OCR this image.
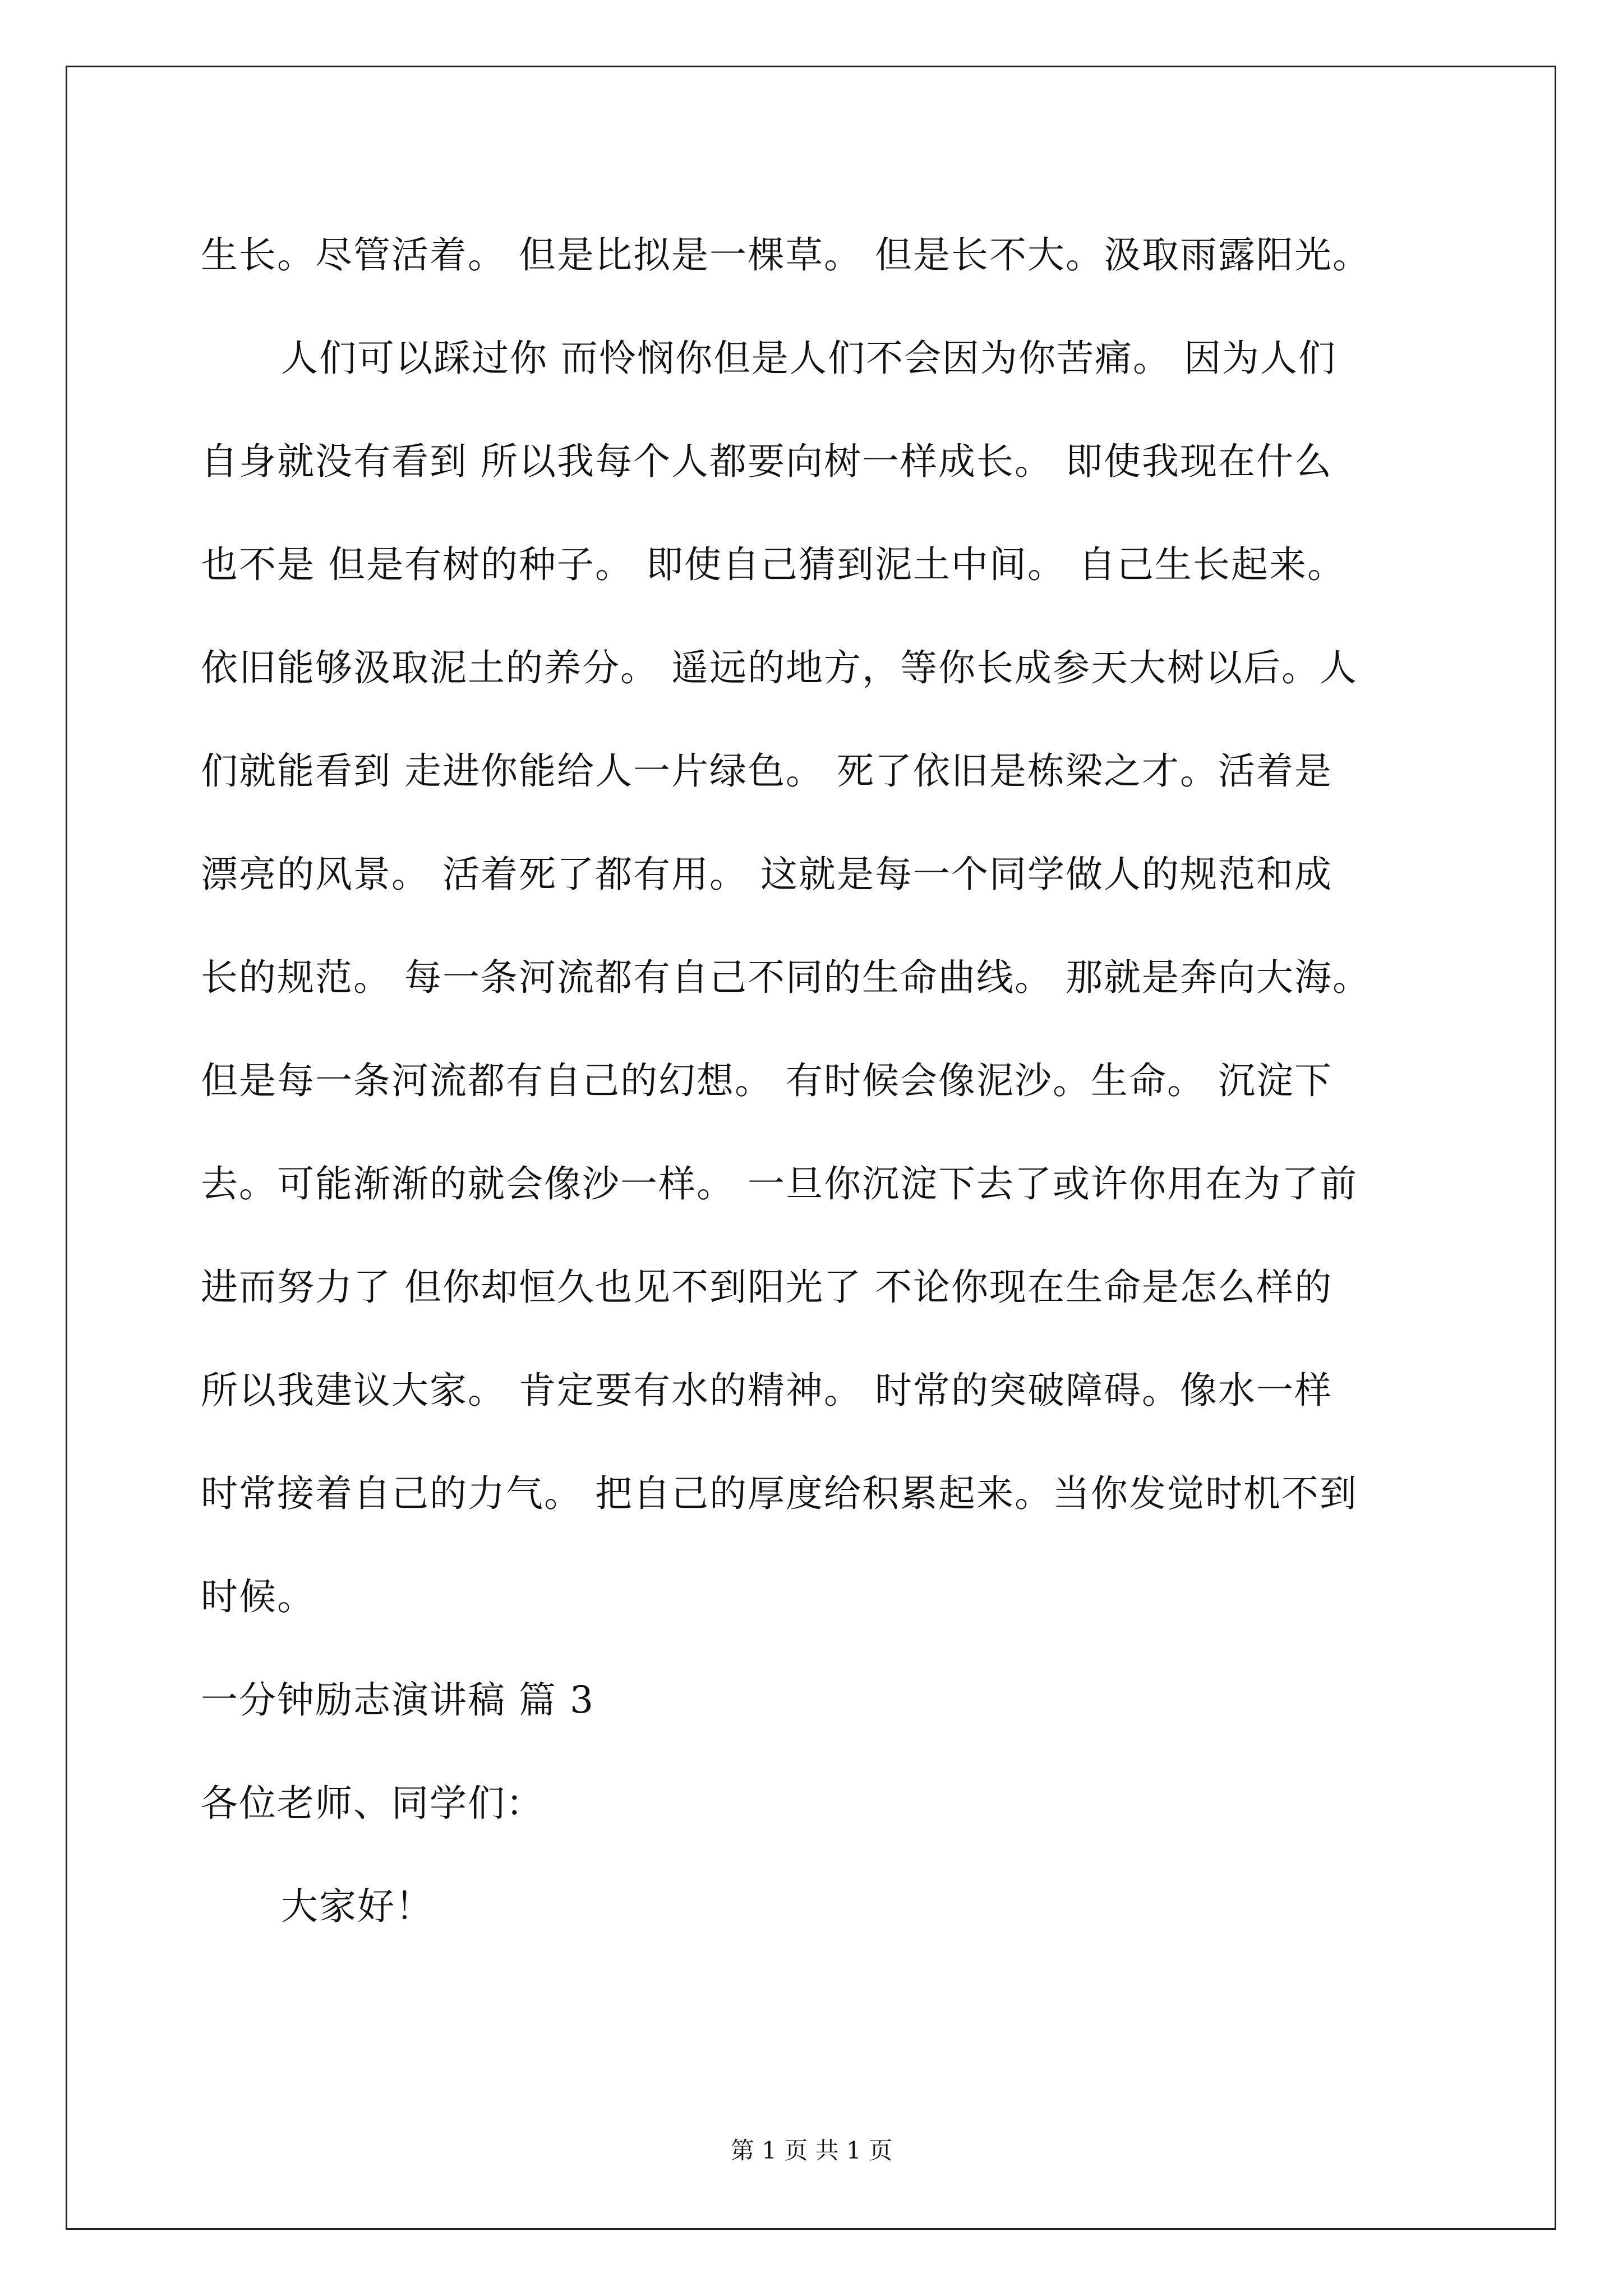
生长。尽管活着。 但是比拟是一棵草。 但是长不大。汲取雨露阳光。
人们可以踩过你 而怜悯你但是人们不会因为你苦痛。 因为人们
自身就没有看到 所以我每个人都要向树一样成长。 即使我现在什么
也不是 但是有树的种子。 即使自己猜到泥土中间。 自己生长起来。
依旧能够汲取泥土的养分。 遥远的地方，等你长成参天大树以后。人
们就能看到 走进你能给人一片绿色。 死了依旧是栋梁之才。活着是
漂亮的风景。 活着死了都有用。 这就是每一个同学做人的规范和成
长的规范。 每一条河流都有自己不同的生命曲线。 那就是奔向大海。
但是每一条河流都有自己的幻想。 有时候会像泥沙。生命。 沉淀下
去。可能渐渐的就会像沙一样。 一旦你沉淀下去了或许你用在为了前
进而努力了 但你却恒久也见不到阳光了 不论你现在生命是怎么样的
所以我建议大家。 肯定要有水的精神。 时常的突破障碍。像水一样
时常接着自己的力气。 把自己的厚度给积累起来。当你发觉时机不到
时候。
一分钟励志演讲稿 篇 3
各位老师、同学们：
大家好！
第 1 页 共 1 页
